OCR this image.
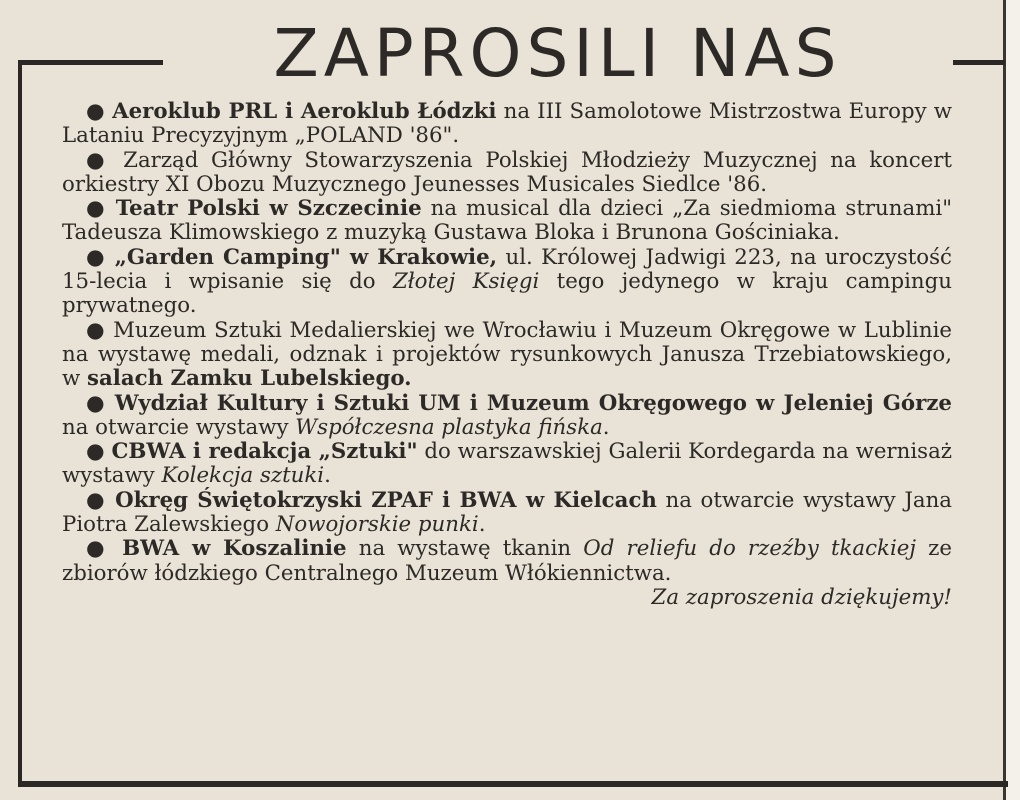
ZAPROSILI NAS

● Aeroklub PRL i Aeroklub Łódzki na III Samolotowe Mistrzostwa Europy w Lataniu Precyzyjnym „POLAND '86".

● Zarząd Główny Stowarzyszenia Polskiej Młodzieży Muzycznej na koncert orkiestry XI Obozu Muzycznego Jeunesses Musicales Siedlce '86.

● Teatr Polski w Szczecinie na musical dla dzieci „Za siedmioma strunami" Tadeusza Klimowskiego z muzyką Gustawa Bloka i Brunona Gościniaka.

● „Garden Camping" w Krakowie, ul. Królowej Jadwigi 223, na uroczystość 15-lecia i wpisanie się do Złotej Księgi tego jedynego w kraju campingu prywatnego.

● Muzeum Sztuki Medalierskiej we Wrocławiu i Muzeum Okręgowe w Lublinie na wystawę medali, odznak i projektów rysunkowych Janusza Trzebiatowskiego, w salach Zamku Lubelskiego.

● Wydział Kultury i Sztuki UM i Muzeum Okręgowego w Jeleniej Górze na otwarcie wystawy Współczesna plastyka fińska.

● CBWA i redakcja „Sztuki" do warszawskiej Galerii Kordegarda na wernisaż wystawy Kolekcja sztuki.

● Okręg Świętokrzyski ZPAF i BWA w Kielcach na otwarcie wystawy Jana Piotra Zalewskiego Nowojorskie punki.

● BWA w Koszalinie na wystawę tkanin Od reliefu do rzeźby tkackiej ze zbiorów łódzkiego Centralnego Muzeum Włókiennictwa.

Za zaproszenia dziękujemy!
